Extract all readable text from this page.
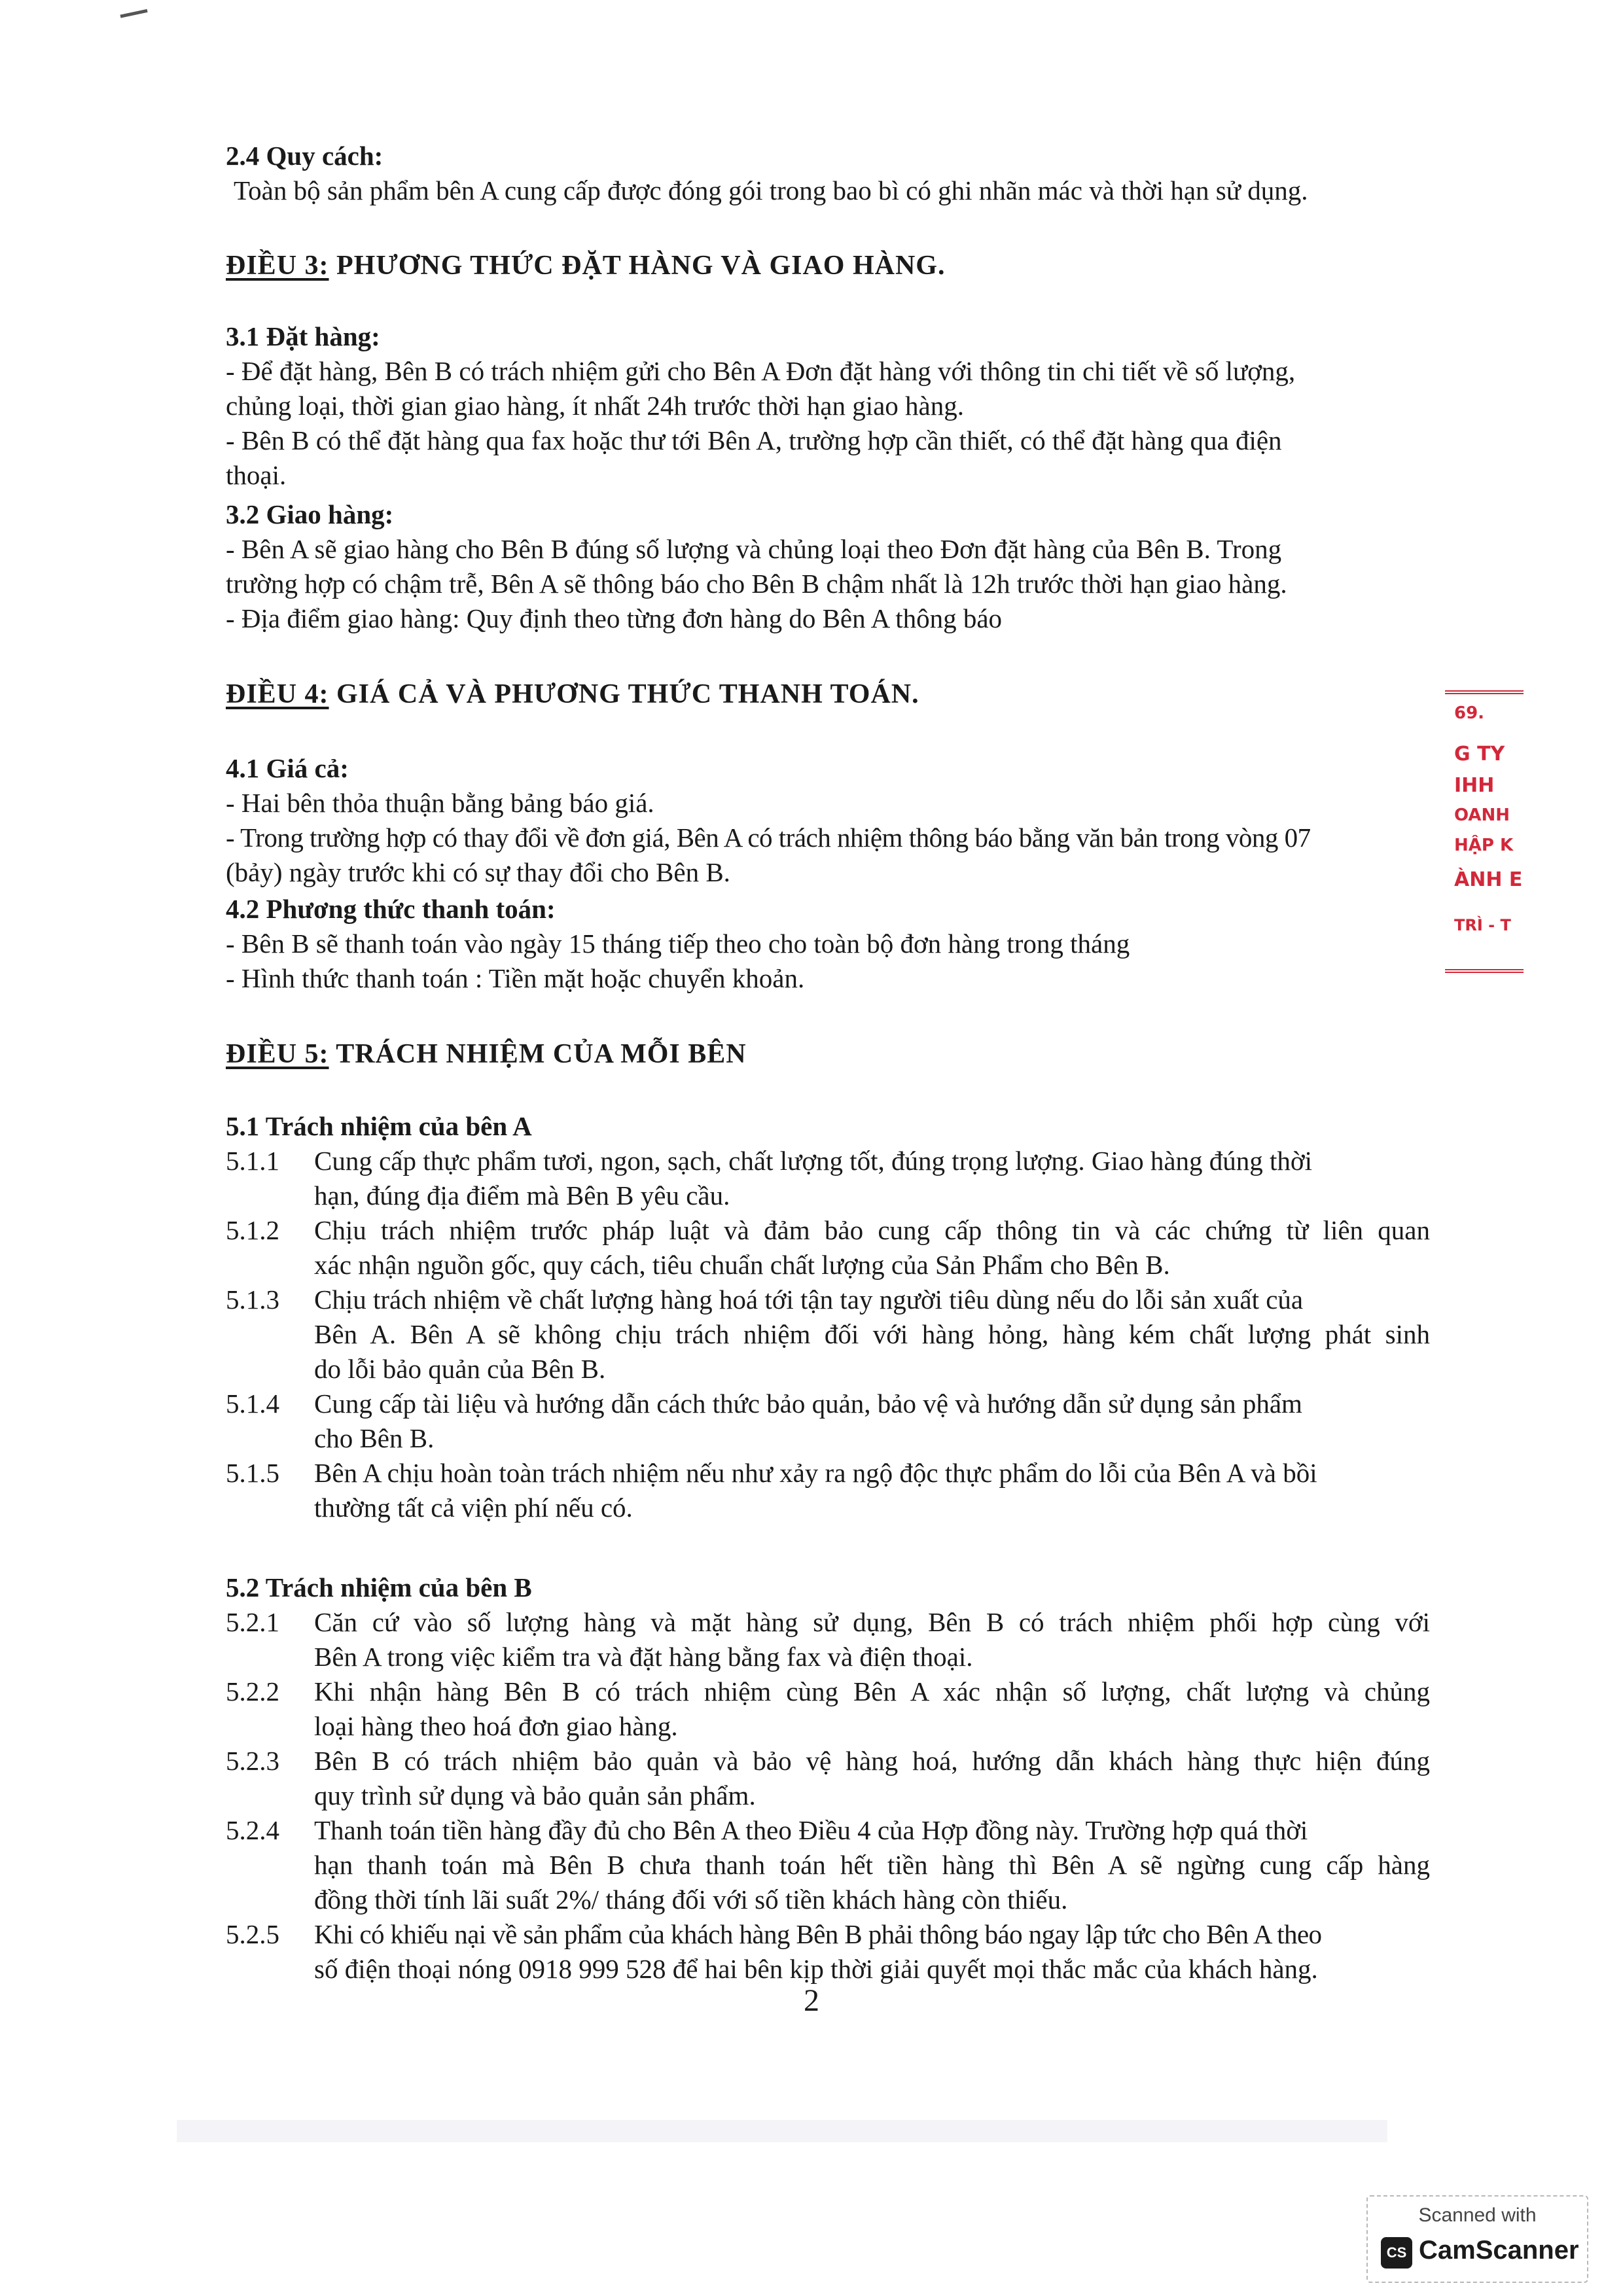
2.4 Quy cách:
Toàn bộ sản phẩm bên A cung cấp được đóng gói trong bao bì có ghi nhãn mác và thời hạn sử dụng.
ĐIỀU 3: PHƯƠNG THỨC ĐẶT HÀNG VÀ GIAO HÀNG.
3.1 Đặt hàng:
- Để đặt hàng, Bên B có trách nhiệm gửi cho Bên A Đơn đặt hàng với thông tin chi tiết về số lượng,
chủng loại, thời gian giao hàng, ít nhất 24h trước thời hạn giao hàng.
- Bên B có thể đặt hàng qua fax hoặc thư tới Bên A, trường hợp cần thiết, có thể đặt hàng qua điện
thoại.
3.2 Giao hàng:
- Bên A sẽ giao hàng cho Bên B đúng số lượng và chủng loại theo Đơn đặt hàng của Bên B. Trong
trường hợp có chậm trễ, Bên A sẽ thông báo cho Bên B chậm nhất là 12h trước thời hạn giao hàng.
- Địa điểm giao hàng: Quy định theo từng đơn hàng do Bên A thông báo
ĐIỀU 4: GIÁ CẢ VÀ PHƯƠNG THỨC THANH TOÁN.
4.1 Giá cả:
- Hai bên thỏa thuận bằng bảng báo giá.
- Trong trường hợp có thay đổi về đơn giá, Bên A có trách nhiệm thông báo bằng văn bản trong vòng 07
(bảy) ngày trước khi có sự thay đổi cho Bên B.
4.2 Phương thức thanh toán:
- Bên B sẽ thanh toán vào ngày 15 tháng tiếp theo cho toàn bộ đơn hàng trong tháng
- Hình thức thanh toán : Tiền mặt hoặc chuyển khoản.
ĐIỀU 5: TRÁCH NHIỆM CỦA MỖI BÊN
5.1 Trách nhiệm của bên A
5.1.1	Cung cấp thực phẩm tươi, ngon, sạch, chất lượng tốt, đúng trọng lượng. Giao hàng đúng thời
hạn, đúng địa điểm mà Bên B yêu cầu.
5.1.2	Chịu trách nhiệm trước pháp luật và đảm bảo cung cấp thông tin và các chứng từ liên quan
xác nhận nguồn gốc, quy cách, tiêu chuẩn chất lượng của Sản Phẩm cho Bên B.
5.1.3	Chịu trách nhiệm về chất lượng hàng hoá tới tận tay người tiêu dùng nếu do lỗi sản xuất của
Bên A. Bên A sẽ không chịu trách nhiệm đối với hàng hỏng, hàng kém chất lượng phát sinh
do lỗi bảo quản của Bên B.
5.1.4	Cung cấp tài liệu và hướng dẫn cách thức bảo quản, bảo vệ và hướng dẫn sử dụng sản phẩm
cho Bên B.
5.1.5	Bên A chịu hoàn toàn trách nhiệm nếu như xảy ra ngộ độc thực phẩm do lỗi của Bên A và bồi
thường tất cả viện phí nếu có.
5.2 Trách nhiệm của bên B
5.2.1	Căn cứ vào số lượng hàng và mặt hàng sử dụng, Bên B có trách nhiệm phối hợp cùng với
Bên A trong việc kiểm tra và đặt hàng bằng fax và điện thoại.
5.2.2	Khi nhận hàng Bên B có trách nhiệm cùng Bên A xác nhận số lượng, chất lượng và chủng
loại hàng theo hoá đơn giao hàng.
5.2.3	Bên B có trách nhiệm bảo quản và bảo vệ hàng hoá, hướng dẫn khách hàng thực hiện đúng
quy trình sử dụng và bảo quản sản phẩm.
5.2.4	Thanh toán tiền hàng đầy đủ cho Bên A theo Điều 4 của Hợp đồng này. Trường hợp quá thời
hạn thanh toán mà Bên B chưa thanh toán hết tiền hàng thì Bên A sẽ ngừng cung cấp hàng
đồng thời tính lãi suất 2%/ tháng đối với số tiền khách hàng còn thiếu.
5.2.5	Khi có khiếu nại về sản phẩm của khách hàng Bên B phải thông báo ngay lập tức cho Bên A theo
số điện thoại nóng 0918 999 528 để hai bên kịp thời giải quyết mọi thắc mắc của khách hàng.
2
69.
G TY
IHH
OANH
HẬP K
ÀNH E
TRÌ - T
Scanned with
CS CamScanner
